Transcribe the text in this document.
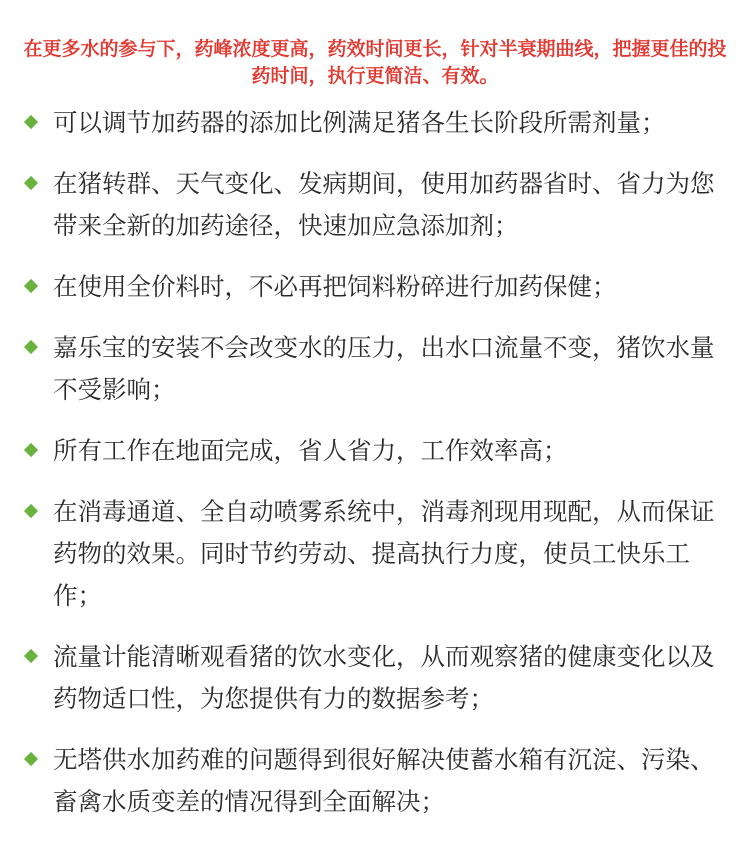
在更多水的参与下，药峰浓度更高，药效时间更长，针对半衰期曲线，把握更佳的投药时间，执行更简洁、有效。
可以调节加药器的添加比例满足猪各生长阶段所需剂量；
在猪转群、天气变化、发病期间，使用加药器省时、省力为您带来全新的加药途径，快速加应急添加剂；
在使用全价料时，不必再把饲料粉碎进行加药保健；
嘉乐宝的安装不会改变水的压力，出水口流量不变，猪饮水量不受影响；
所有工作在地面完成，省人省力，工作效率高；
在消毒通道、全自动喷雾系统中，消毒剂现用现配，从而保证药物的效果。同时节约劳动、提高执行力度，使员工快乐工作；
流量计能清晰观看猪的饮水变化，从而观察猪的健康变化以及药物适口性，为您提供有力的数据参考；
无塔供水加药难的问题得到很好解决使蓄水箱有沉淀、污染、畜禽水质变差的情况得到全面解决；
